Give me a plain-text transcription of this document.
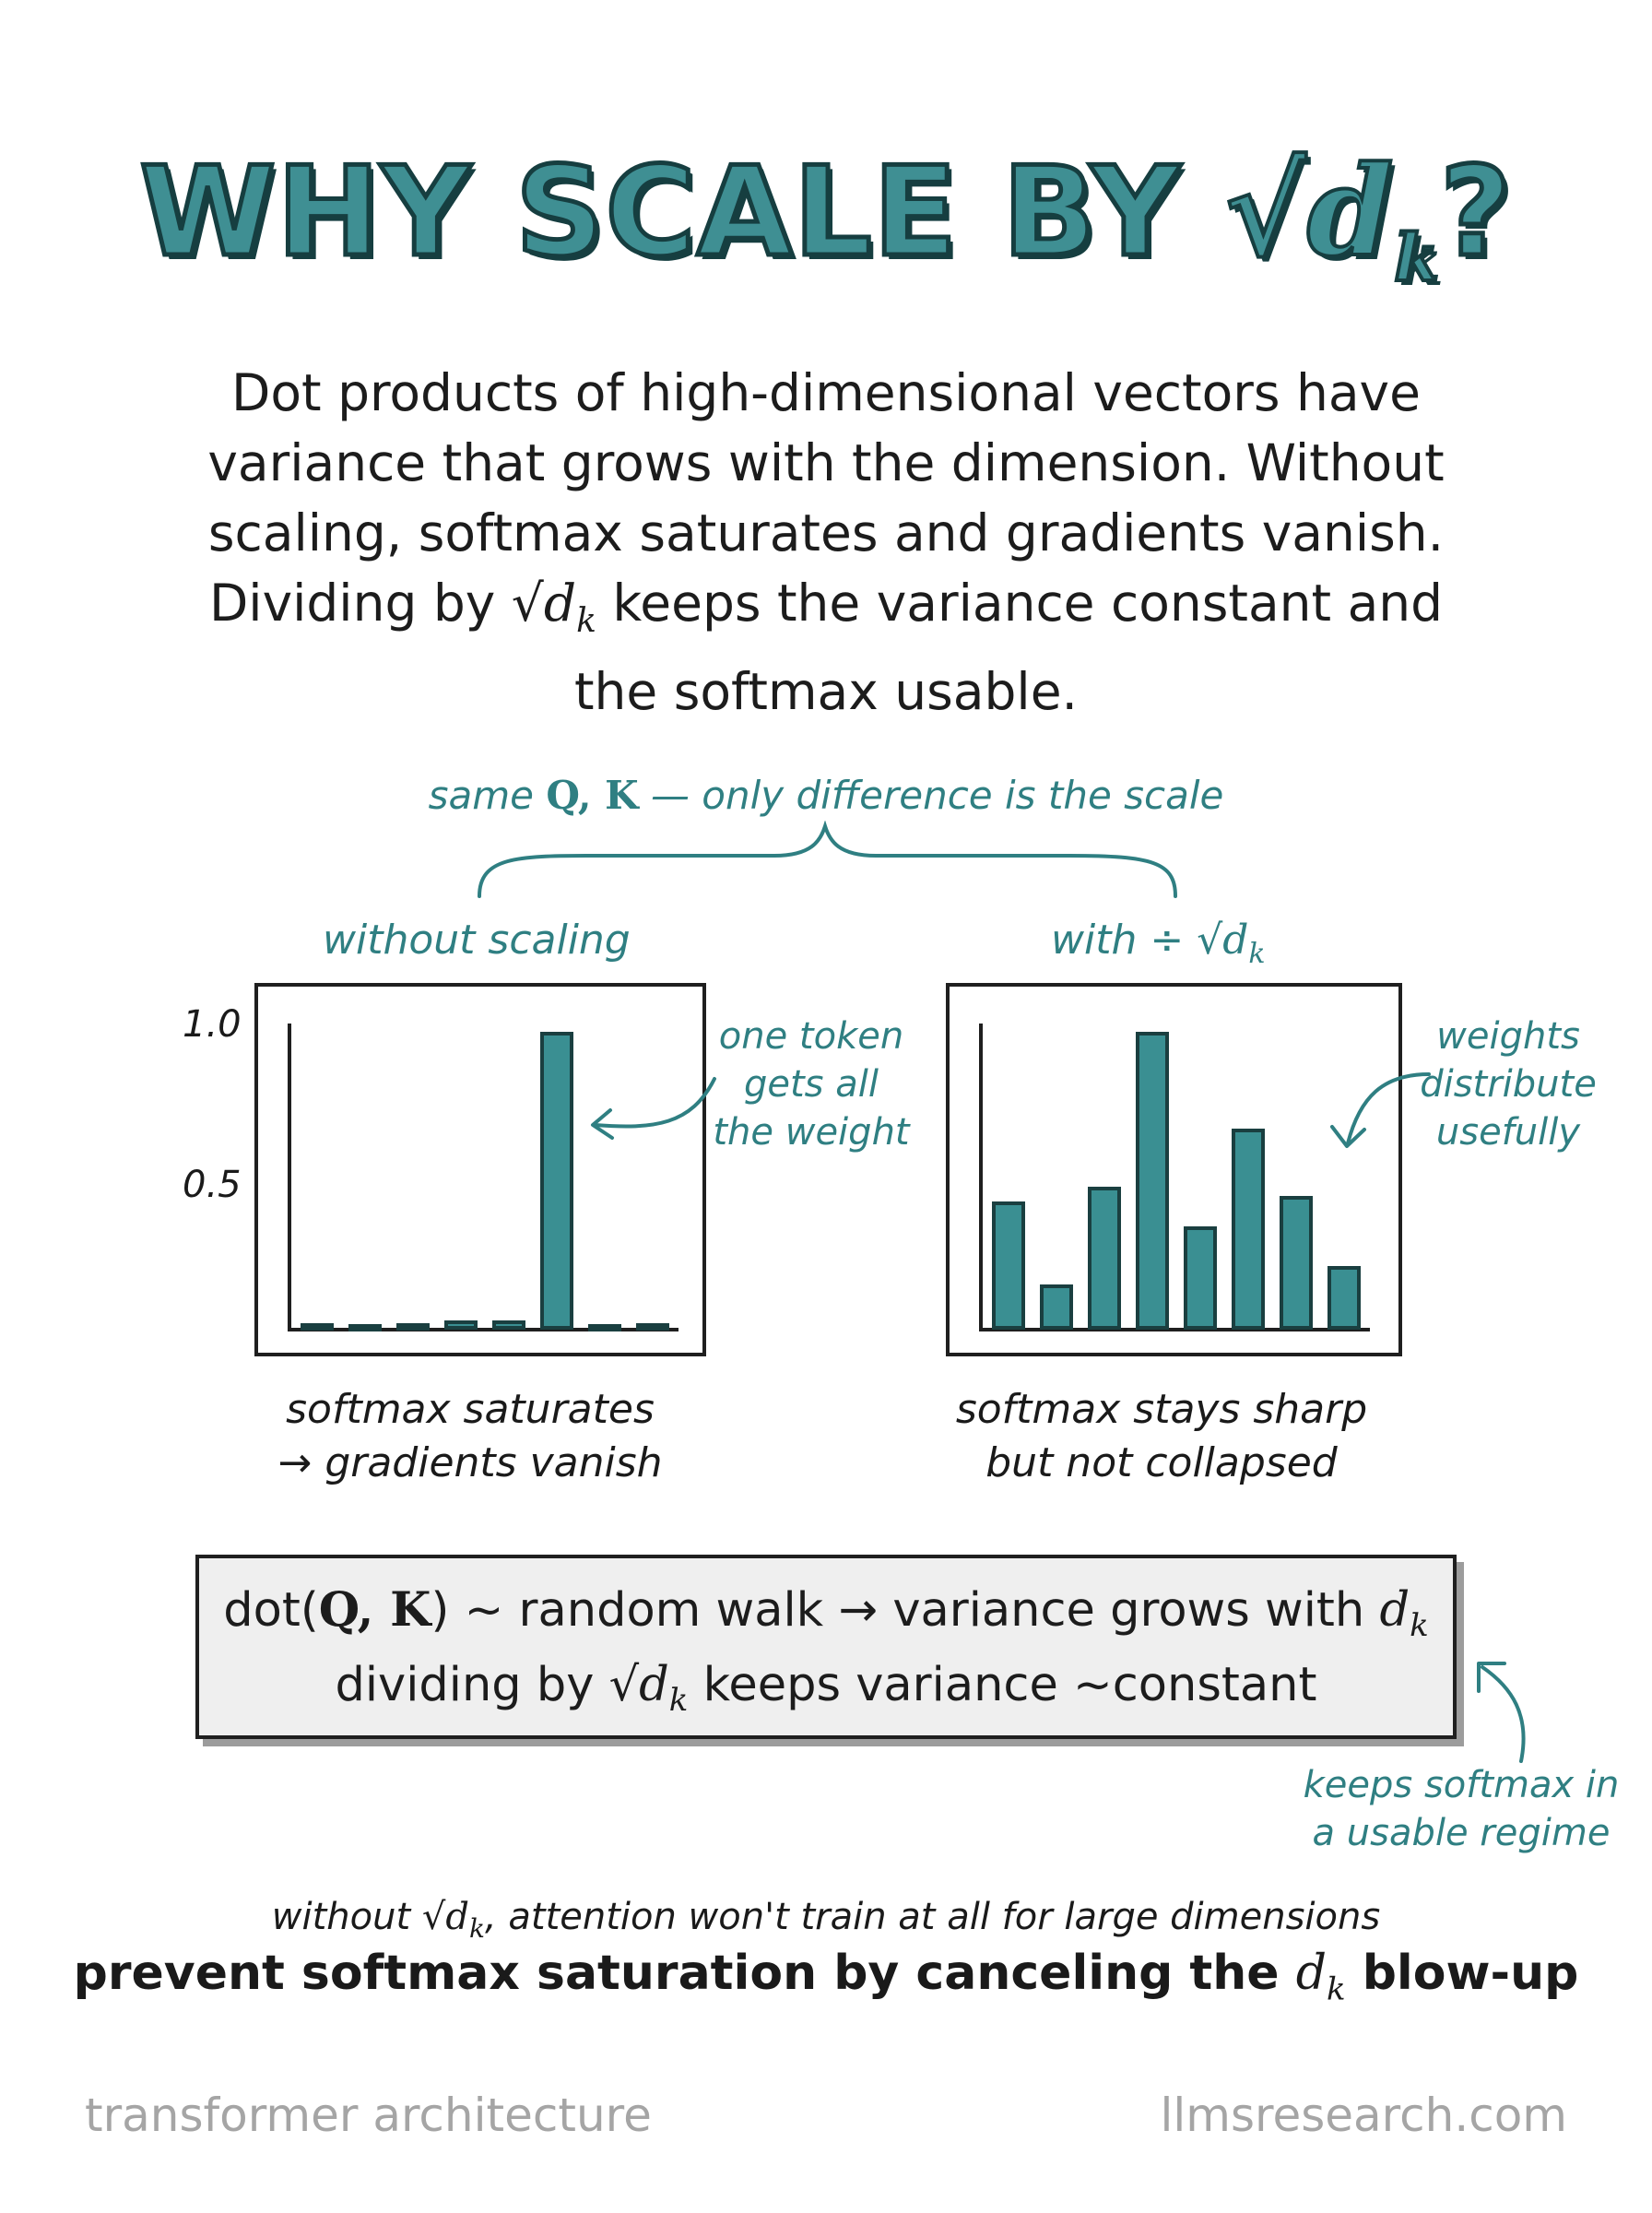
WHY SCALE BY $√d_k$?
Dot products of high-dimensional vectors have
variance that grows with the dimension. Without
scaling, softmax saturates and gradients vanish.
Dividing by $√d_k$ keeps the variance constant and
the softmax usable.
same Q, K — only difference is the scale
without scaling	with ÷ $√d_k$
1.0
0.5
one token
gets all
the weight
weights
distribute
usefully
softmax saturates
→ gradients vanish
softmax stays sharp
but not collapsed
dot(Q, K) ~ random walk → variance grows with $d_k$
dividing by $√d_k$ keeps variance ~constant
keeps softmax in
a usable regime
without $√d_k$, attention won't train at all for large dimensions
prevent softmax saturation by canceling the $d_k$ blow-up
transformer architecture	llmsresearch.com
